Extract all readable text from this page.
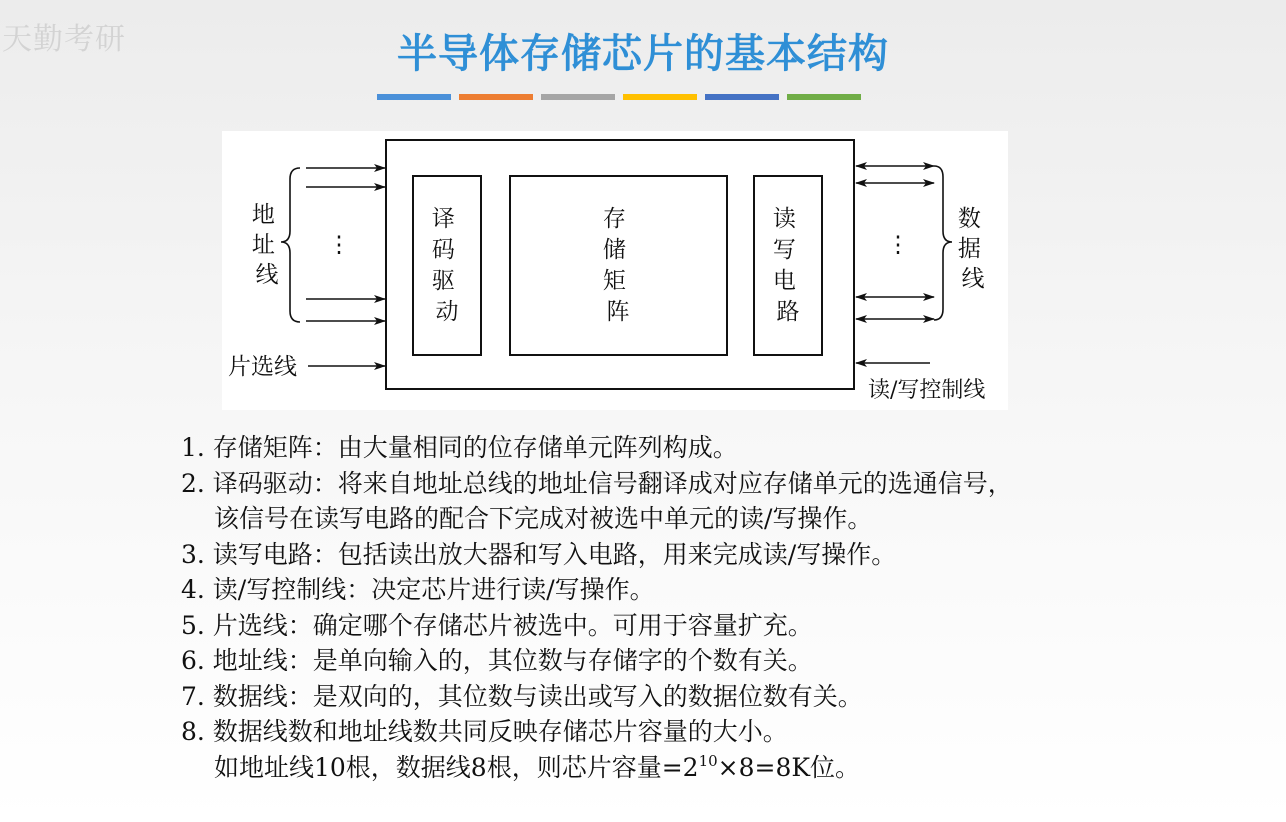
天勤考研	半导体存储芯片的基本结构
译 码 驱 动
存 储 矩 阵
读 写 电 路
⋮
地 址 线
片选线
⋮
数 据 线
读/写控制线
1. 存储矩阵：由大量相同的位存储单元阵列构成。
2. 译码驱动：将来自地址总线的地址信号翻译成对应存储单元的选通信号，
该信号在读写电路的配合下完成对被选中单元的读/写操作。
3. 读写电路：包括读出放大器和写入电路，用来完成读/写操作。
4. 读/写控制线：决定芯片进行读/写操作。
5. 片选线：确定哪个存储芯片被选中。可用于容量扩充。
6. 地址线：是单向输入的，其位数与存储字的个数有关。
7. 数据线：是双向的，其位数与读出或写入的数据位数有关。
8. 数据线数和地址线数共同反映存储芯片容量的大小。
如地址线10根，数据线8根，则芯片容量$=2^{10}\times 8=8K$位。
